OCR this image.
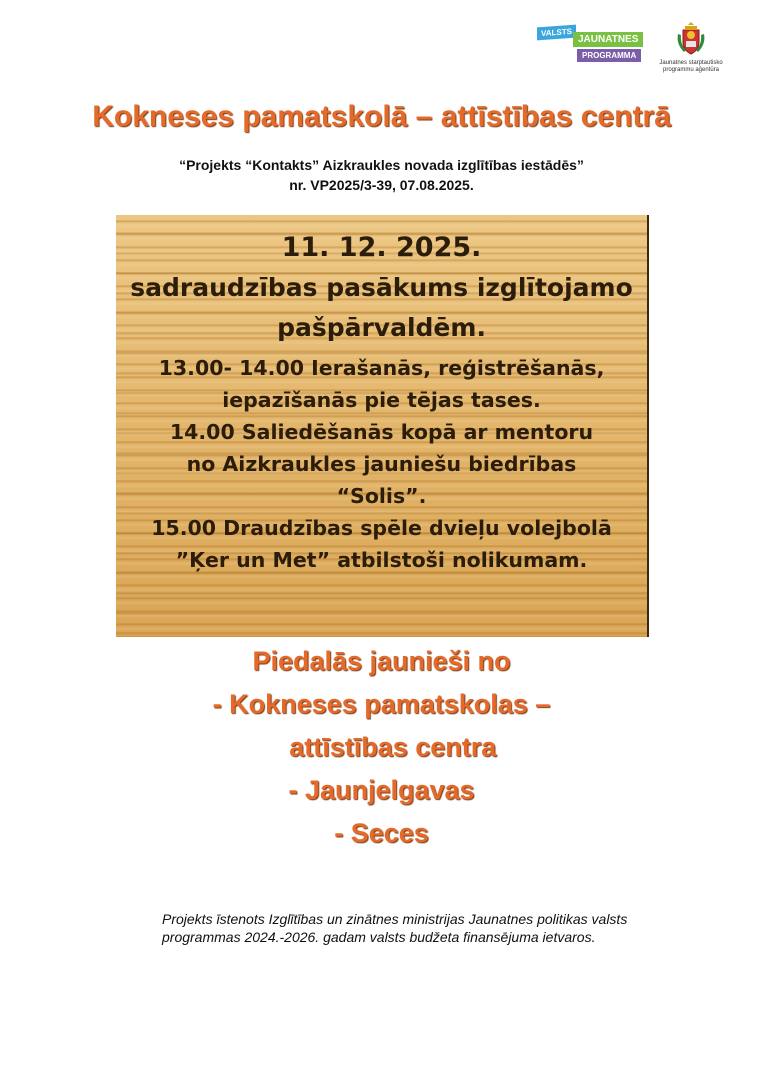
VALSTS
JAUNATNES
PROGRAMMA
Jaunatnes starptautisko programmu aģentūra
Kokneses pamatskolā – attīstības centrā
“Projekts “Kontakts” Aizkraukles novada izglītības iestādēs”
nr. VP2025/3-39, 07.08.2025.
11. 12. 2025.
sadraudzības pasākums izglītojamo
pašpārvaldēm.
13.00- 14.00 Ierašanās, reģistrēšanās,
iepazīšanās pie tējas tases.
14.00 Saliedēšanās kopā ar mentoru
no Aizkraukles jauniešu biedrības
“Solis”.
15.00 Draudzības spēle dvieļu volejbolā
”Ķer un Met” atbilstoši nolikumam.
Piedalās jaunieši no
- Kokneses pamatskolas –
attīstības centra
- Jaunjelgavas
- Seces
Projekts īstenots Izglītības un zinātnes ministrijas Jaunatnes politikas valsts programmas 2024.-2026. gadam valsts budžeta finansējuma ietvaros.
